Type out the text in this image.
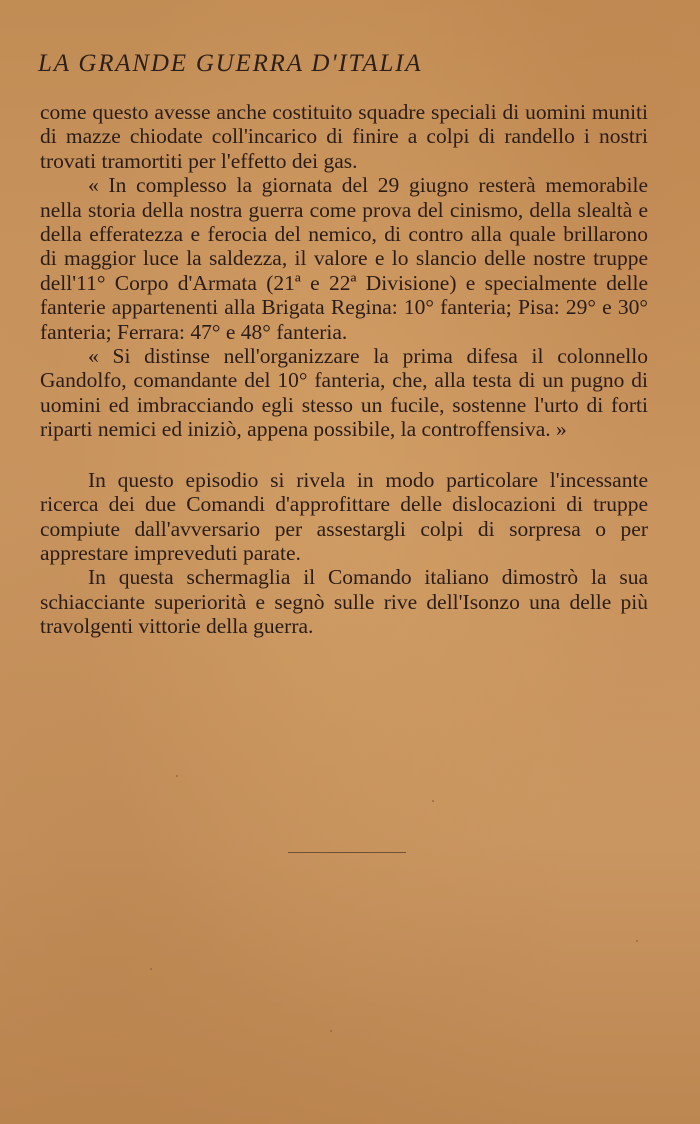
LA GRANDE GUERRA D'ITALIA

come questo avesse anche costituito squadre speciali di uomini muniti di mazze chiodate coll'incarico di finire a colpi di randello i nostri trovati tramortiti per l'effetto dei gas.

« In complesso la giornata del 29 giugno resterà memorabile nella storia della nostra guerra come prova del cinismo, della slealtà e della efferatezza e ferocia del nemico, di contro alla quale brillarono di maggior luce la saldezza, il valore e lo slancio delle nostre truppe dell'11° Corpo d'Armata (21ª e 22ª Divisione) e specialmente delle fanterie appartenenti alla Brigata Regina: 10° fanteria; Pisa: 29° e 30° fanteria; Ferrara: 47° e 48° fanteria.

« Si distinse nell'organizzare la prima difesa il colonnello Gandolfo, comandante del 10° fanteria, che, alla testa di un pugno di uomini ed imbracciando egli stesso un fucile, sostenne l'urto di forti riparti nemici ed iniziò, appena possibile, la controffensiva. »

In questo episodio si rivela in modo particolare l'incessante ricerca dei due Comandi d'approfittare delle dislocazioni di truppe compiute dall'avversario per assestargli colpi di sorpresa o per apprestare impreveduti parate.

In questa schermaglia il Comando italiano dimostrò la sua schiacciante superiorità e segnò sulle rive dell'Isonzo una delle più travolgenti vittorie della guerra.
